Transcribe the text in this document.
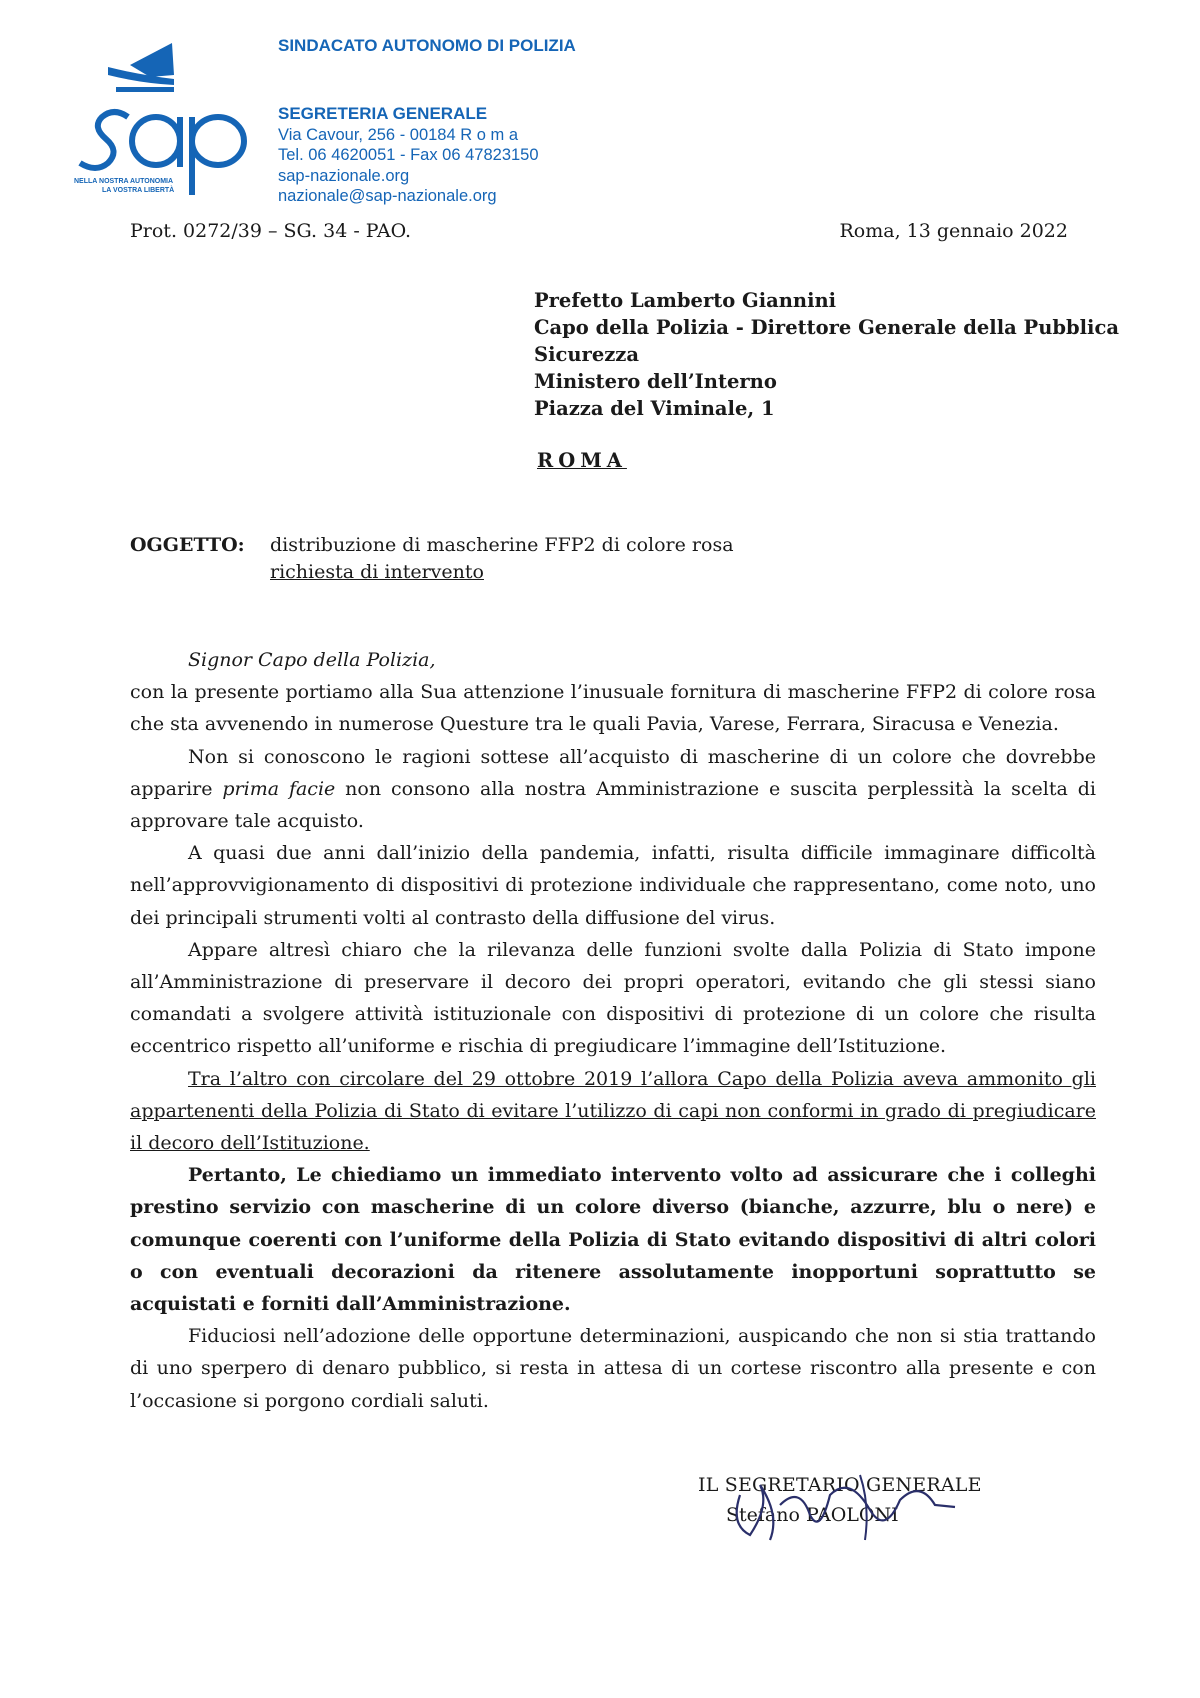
NELLA NOSTRA AUTONOMIA
LA VOSTRA LIBERTÀ
SINDACATO AUTONOMO DI POLIZIA
SEGRETERIA GENERALE
Via Cavour, 256 - 00184 R o m a
Tel. 06 4620051 - Fax 06 47823150
sap-nazionale.org
nazionale@sap-nazionale.org
Prot. 0272/39 – SG. 34 - PAO.	Roma, 13 gennaio 2022
Prefetto Lamberto Giannini
Capo della Polizia - Direttore Generale della Pubblica
Sicurezza
Ministero dell’Interno
Piazza del Viminale, 1
ROMA
OGGETTO: distribuzione di mascherine FFP2 di colore rosa
richiesta di intervento

Signor Capo della Polizia,

con la presente portiamo alla Sua attenzione l’inusuale fornitura di mascherine FFP2 di colore rosa che sta avvenendo in numerose Questure tra le quali Pavia, Varese, Ferrara, Siracusa e Venezia.

Non si conoscono le ragioni sottese all’acquisto di mascherine di un colore che dovrebbe apparire prima facie non consono alla nostra Amministrazione e suscita perplessità la scelta di approvare tale acquisto.

A quasi due anni dall’inizio della pandemia, infatti, risulta difficile immaginare difficoltà nell’approvvigionamento di dispositivi di protezione individuale che rappresentano, come noto, uno dei principali strumenti volti al contrasto della diffusione del virus.

Appare altresì chiaro che la rilevanza delle funzioni svolte dalla Polizia di Stato impone all’Amministrazione di preservare il decoro dei propri operatori, evitando che gli stessi siano comandati a svolgere attività istituzionale con dispositivi di protezione di un colore che risulta eccentrico rispetto all’uniforme e rischia di pregiudicare l’immagine dell’Istituzione.

Tra l’altro con circolare del 29 ottobre 2019 l’allora Capo della Polizia aveva ammonito gli appartenenti della Polizia di Stato di evitare l’utilizzo di capi non conformi in grado di pregiudicare il decoro dell’Istituzione.

Pertanto, Le chiediamo un immediato intervento volto ad assicurare che i colleghi prestino servizio con mascherine di un colore diverso (bianche, azzurre, blu o nere) e comunque coerenti con l’uniforme della Polizia di Stato evitando dispositivi di altri colori o con eventuali decorazioni da ritenere assolutamente inopportuni soprattutto se acquistati e forniti dall’Amministrazione.

Fiduciosi nell’adozione delle opportune determinazioni, auspicando che non si stia trattando di uno sperpero di denaro pubblico, si resta in attesa di un cortese riscontro alla presente e con l’occasione si porgono cordiali saluti.

IL SEGRETARIO GENERALE
Stefano PAOLONI
